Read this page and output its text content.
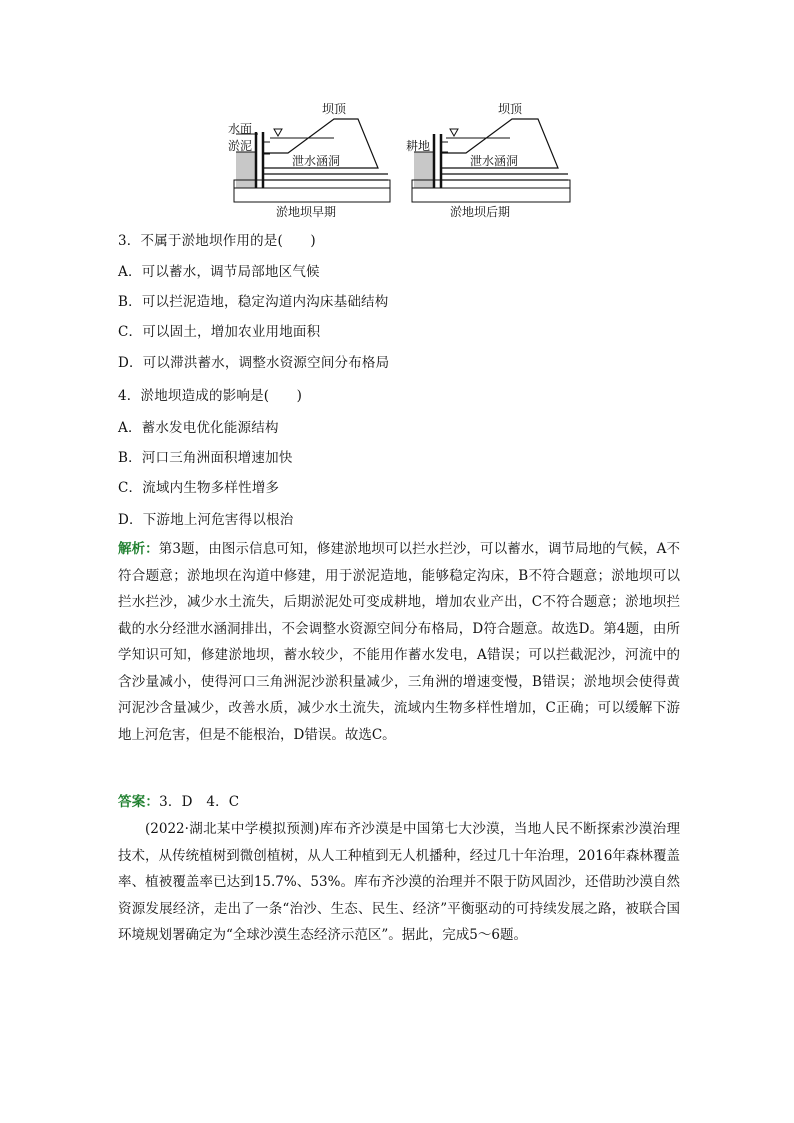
坝顶
水面
淤泥
泄水涵洞
淤地坝早期
坝顶
耕地
泄水涵洞
淤地坝后期
3．不属于淤地坝作用的是(　　)
A．可以蓄水，调节局部地区气候
B．可以拦泥造地，稳定沟道内沟床基础结构
C．可以固土，增加农业用地面积
D．可以滞洪蓄水，调整水资源空间分布格局
4．淤地坝造成的影响是(　　)
A．蓄水发电优化能源结构
B．河口三角洲面积增速加快
C．流域内生物多样性增多
D．下游地上河危害得以根治
解析：第3题，由图示信息可知，修建淤地坝可以拦水拦沙，可以蓄水，调节局地的气候，A不符合题意；淤地坝在沟道中修建，用于淤泥造地，能够稳定沟床，B不符合题意；淤地坝可以拦水拦沙，减少水土流失，后期淤泥处可变成耕地，增加农业产出，C不符合题意；淤地坝拦截的水分经泄水涵洞排出，不会调整水资源空间分布格局，D符合题意。故选D。第4题，由所学知识可知，修建淤地坝，蓄水较少，不能用作蓄水发电，A错误；可以拦截泥沙，河流中的含沙量减小，使得河口三角洲泥沙淤积量减少，三角洲的增速变慢，B错误；淤地坝会使得黄河泥沙含量减少，改善水质，减少水土流失，流域内生物多样性增加，C正确；可以缓解下游地上河危害，但是不能根治，D错误。故选C。
答案：3．D　4．C
(2022·湖北某中学模拟预测)库布齐沙漠是中国第七大沙漠，当地人民不断探索沙漠治理技术，从传统植树到微创植树，从人工种植到无人机播种，经过几十年治理，2016年森林覆盖率、植被覆盖率已达到15.7%、53%。库布齐沙漠的治理并不限于防风固沙，还借助沙漠自然资源发展经济，走出了一条“治沙、生态、民生、经济”平衡驱动的可持续发展之路，被联合国环境规划署确定为“全球沙漠生态经济示范区”。据此，完成5～6题。
